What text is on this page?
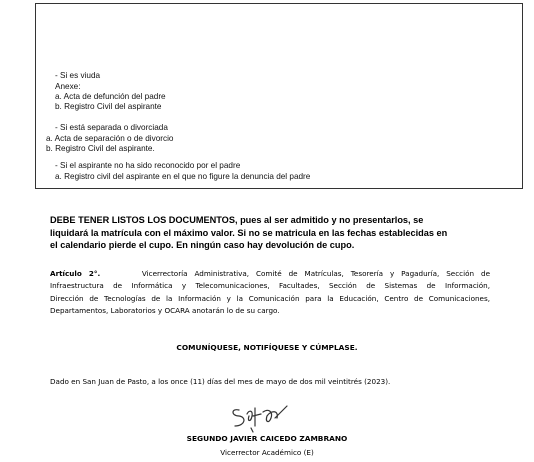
- Si es viuda
Anexe:
a. Acta de defunción del padre
b. Registro Civil del aspirante
- Si está separada o divorciada
a. Acta de separación o de divorcio
b. Registro Civil del aspirante.
- Si el aspirante no ha sido reconocido por el padre
a. Registro civil del aspirante en el que no figure la denuncia del padre
DEBE TENER LISTOS LOS DOCUMENTOS, pues al ser admitido y no presentarlos, se
liquidará la matrícula con el máximo valor. Si no se matricula en las fechas establecidas en
el calendario pierde el cupo. En ningún caso hay devolución de cupo.
Artículo 2°.	Vicerrectoría Administrativa, Comité de Matrículas, Tesorería y Pagaduría, Sección de
Infraestructura de Informática y Telecomunicaciones, Facultades, Sección de Sistemas de Información,
Dirección de Tecnologías de la Información y la Comunicación para la Educación, Centro de Comunicaciones,
Departamentos, Laboratorios y OCARA anotarán lo de su cargo.
COMUNÍQUESE, NOTIFÍQUESE Y CÚMPLASE.
Dado en San Juan de Pasto, a los once (11) días del mes de mayo de dos mil veintitrés (2023).
SEGUNDO JAVIER CAICEDO ZAMBRANO
Vicerrector Académico (E)
